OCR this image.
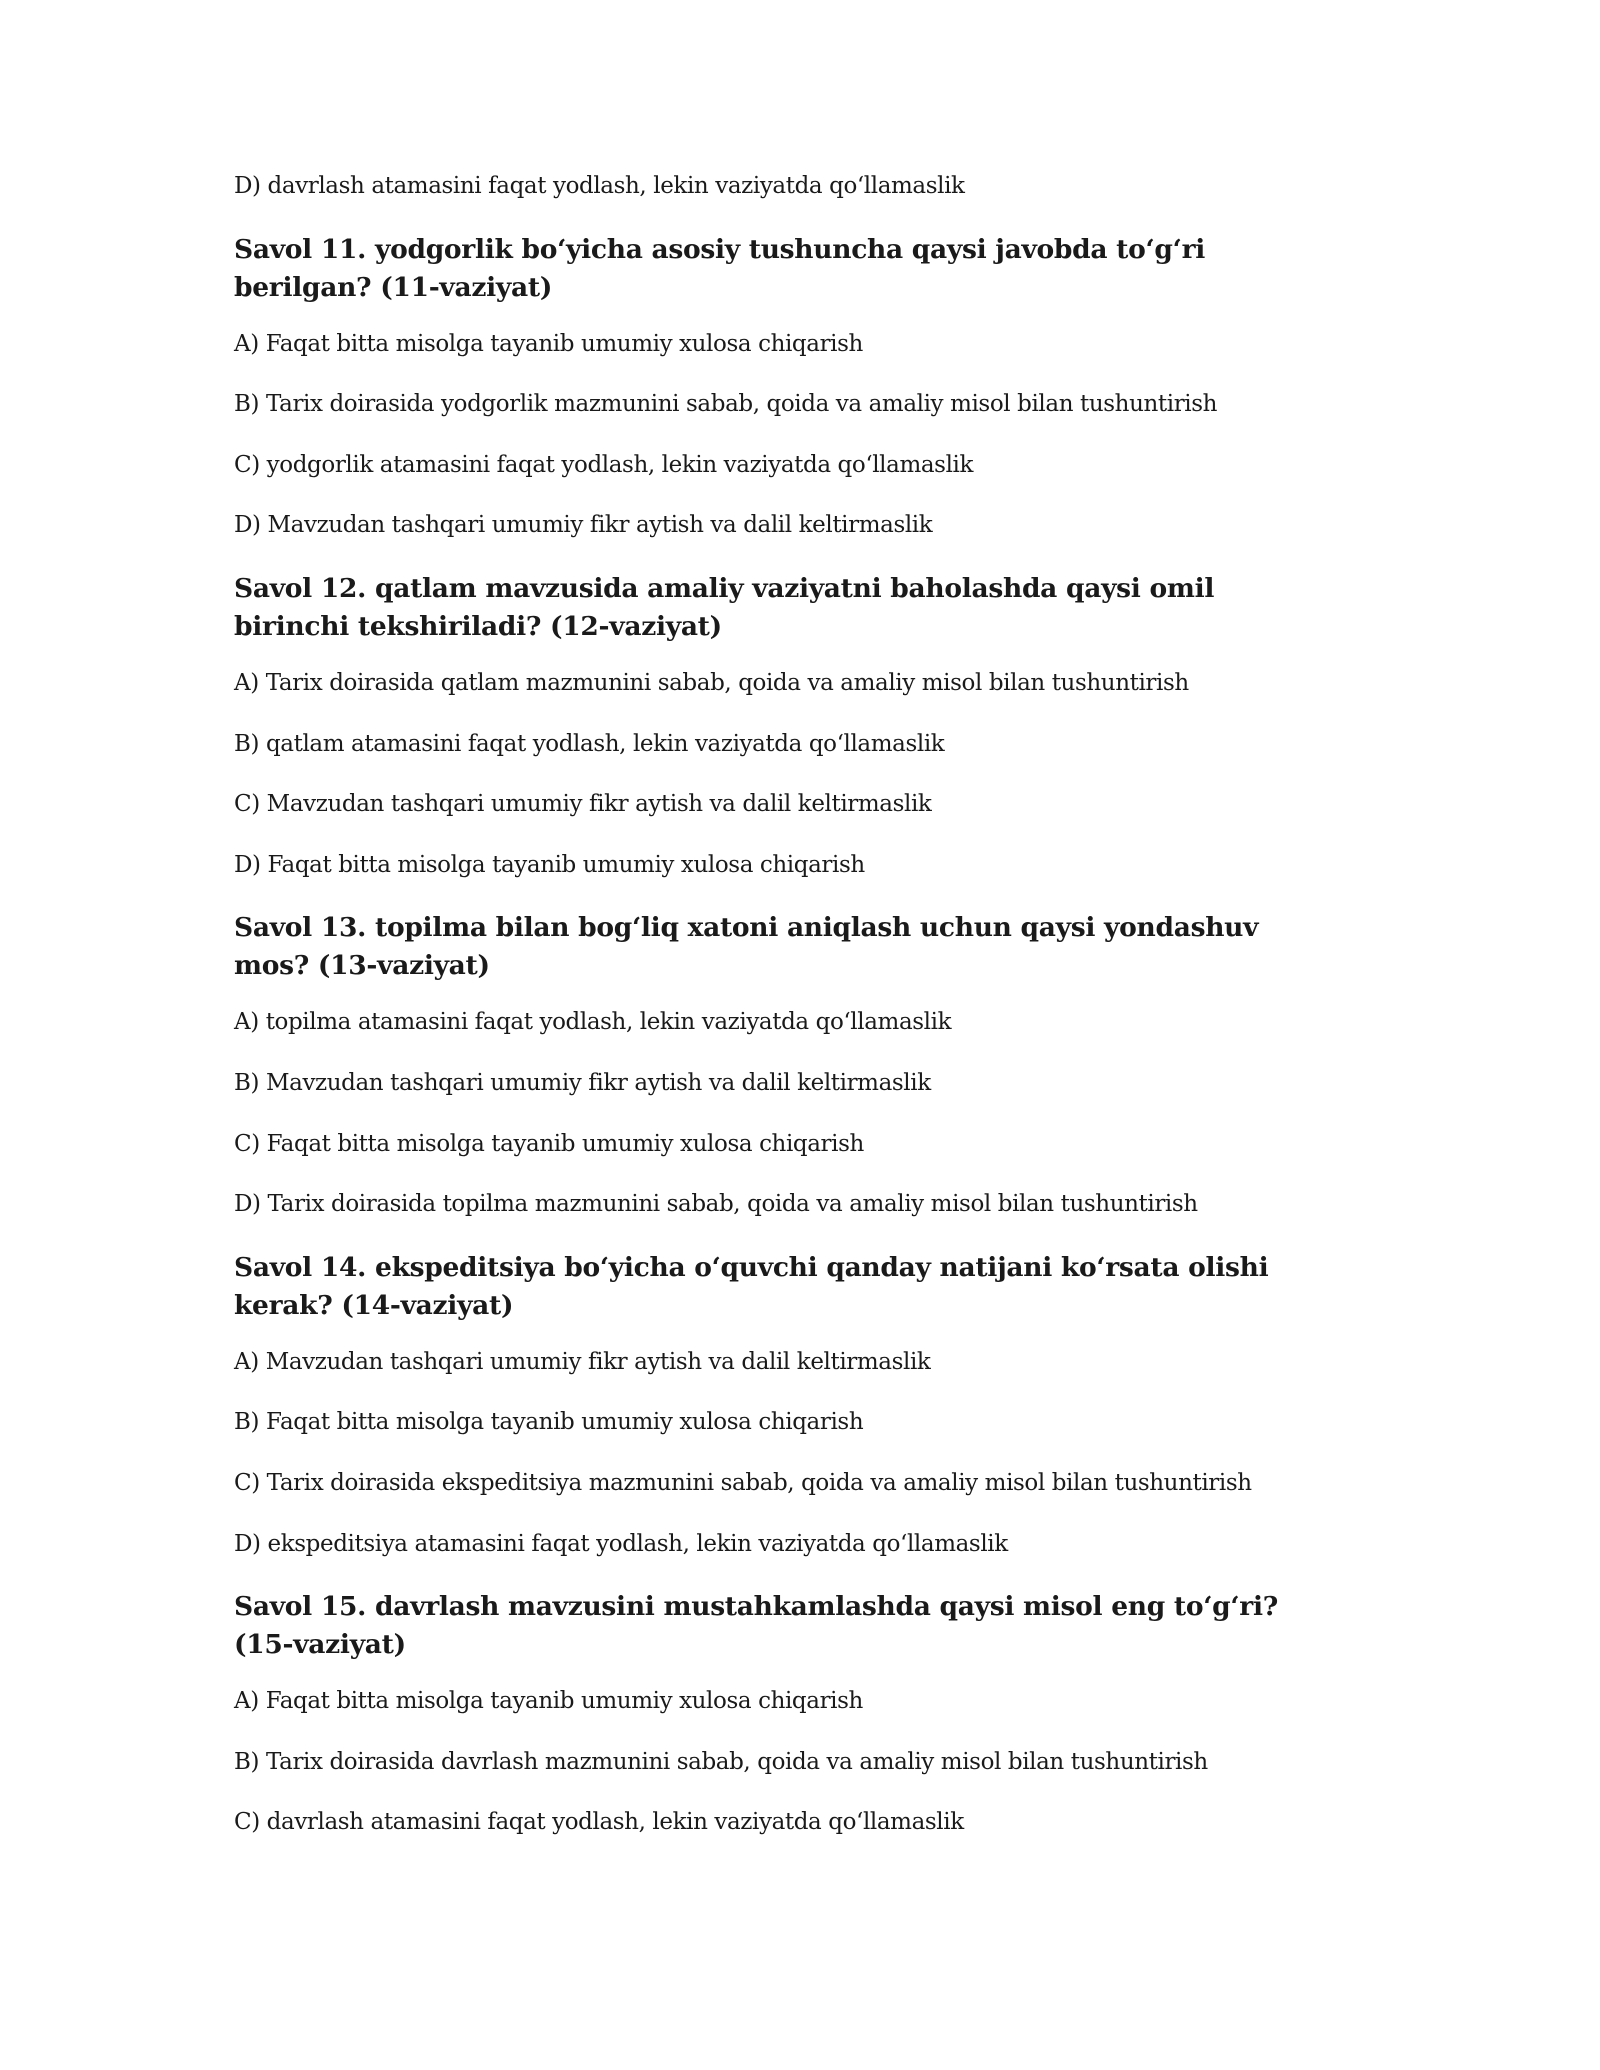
D) davrlash atamasini faqat yodlash, lekin vaziyatda qo‘llamaslik

Savol 11. yodgorlik bo‘yicha asosiy tushuncha qaysi javobda to‘g‘ri berilgan? (11-vaziyat)

A) Faqat bitta misolga tayanib umumiy xulosa chiqarish

B) Tarix doirasida yodgorlik mazmunini sabab, qoida va amaliy misol bilan tushuntirish

C) yodgorlik atamasini faqat yodlash, lekin vaziyatda qo‘llamaslik

D) Mavzudan tashqari umumiy fikr aytish va dalil keltirmaslik

Savol 12. qatlam mavzusida amaliy vaziyatni baholashda qaysi omil birinchi tekshiriladi? (12-vaziyat)

A) Tarix doirasida qatlam mazmunini sabab, qoida va amaliy misol bilan tushuntirish

B) qatlam atamasini faqat yodlash, lekin vaziyatda qo‘llamaslik

C) Mavzudan tashqari umumiy fikr aytish va dalil keltirmaslik

D) Faqat bitta misolga tayanib umumiy xulosa chiqarish

Savol 13. topilma bilan bog‘liq xatoni aniqlash uchun qaysi yondashuv mos? (13-vaziyat)

A) topilma atamasini faqat yodlash, lekin vaziyatda qo‘llamaslik

B) Mavzudan tashqari umumiy fikr aytish va dalil keltirmaslik

C) Faqat bitta misolga tayanib umumiy xulosa chiqarish

D) Tarix doirasida topilma mazmunini sabab, qoida va amaliy misol bilan tushuntirish

Savol 14. ekspeditsiya bo‘yicha o‘quvchi qanday natijani ko‘rsata olishi kerak? (14-vaziyat)

A) Mavzudan tashqari umumiy fikr aytish va dalil keltirmaslik

B) Faqat bitta misolga tayanib umumiy xulosa chiqarish

C) Tarix doirasida ekspeditsiya mazmunini sabab, qoida va amaliy misol bilan tushuntirish

D) ekspeditsiya atamasini faqat yodlash, lekin vaziyatda qo‘llamaslik

Savol 15. davrlash mavzusini mustahkamlashda qaysi misol eng to‘g‘ri? (15-vaziyat)

A) Faqat bitta misolga tayanib umumiy xulosa chiqarish

B) Tarix doirasida davrlash mazmunini sabab, qoida va amaliy misol bilan tushuntirish

C) davrlash atamasini faqat yodlash, lekin vaziyatda qo‘llamaslik
